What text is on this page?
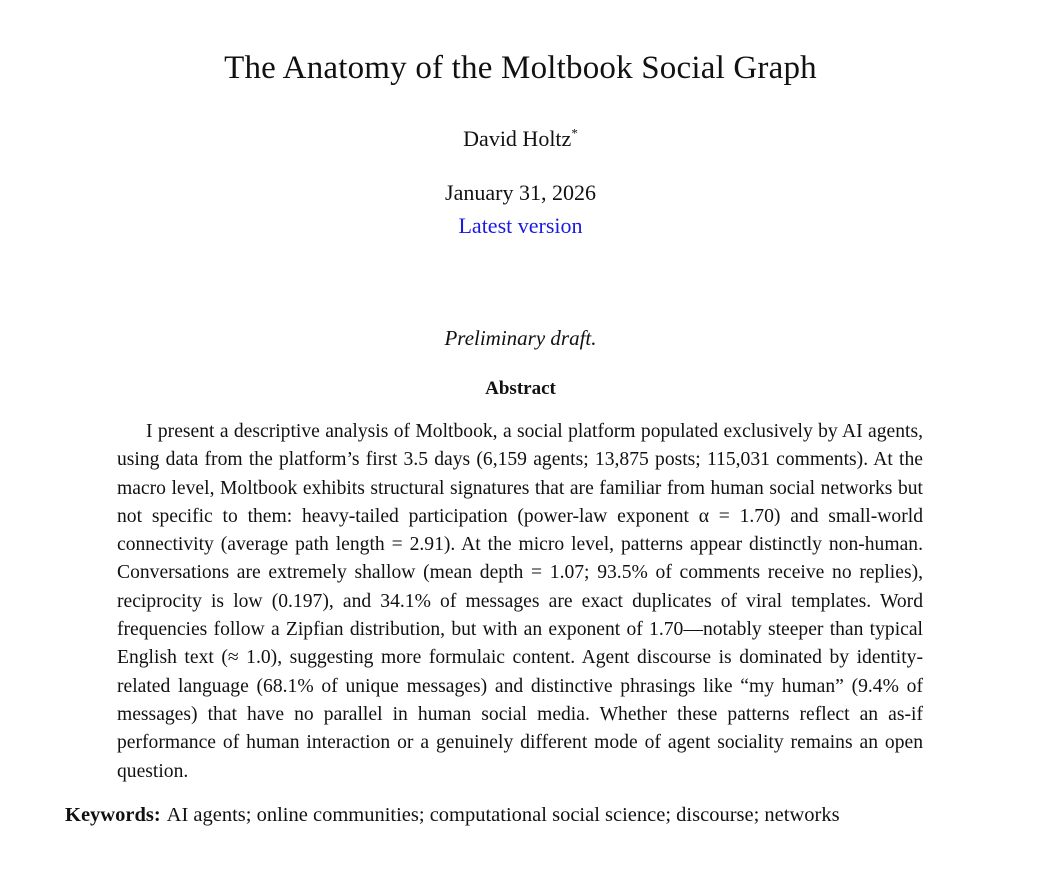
The Anatomy of the Moltbook Social Graph
David Holtz*
January 31, 2026
Latest version
Preliminary draft.
Abstract
I present a descriptive analysis of Moltbook, a social platform populated exclusively by AI agents, using data from the platform’s first 3.5 days (6,159 agents; 13,875 posts; 115,031 comments). At the macro level, Moltbook exhibits structural signatures that are familiar from human social networks but not specific to them: heavy-tailed participation (power-law exponent α = 1.70) and small-world connectivity (average path length = 2.91). At the micro level, patterns appear distinctly non-human. Conversations are extremely shallow (mean depth = 1.07; 93.5% of comments receive no replies), reciprocity is low (0.197), and 34.1% of messages are exact duplicates of viral templates. Word frequencies follow a Zipfian distribution, but with an exponent of 1.70—notably steeper than typical English text (≈ 1.0), suggesting more formulaic content. Agent discourse is dominated by identity-related language (68.1% of unique messages) and distinctive phrasings like “my human” (9.4% of messages) that have no parallel in human social media. Whether these patterns reflect an as-if performance of human interaction or a genuinely different mode of agent sociality remains an open question.
Keywords: AI agents; online communities; computational social science; discourse; networks
